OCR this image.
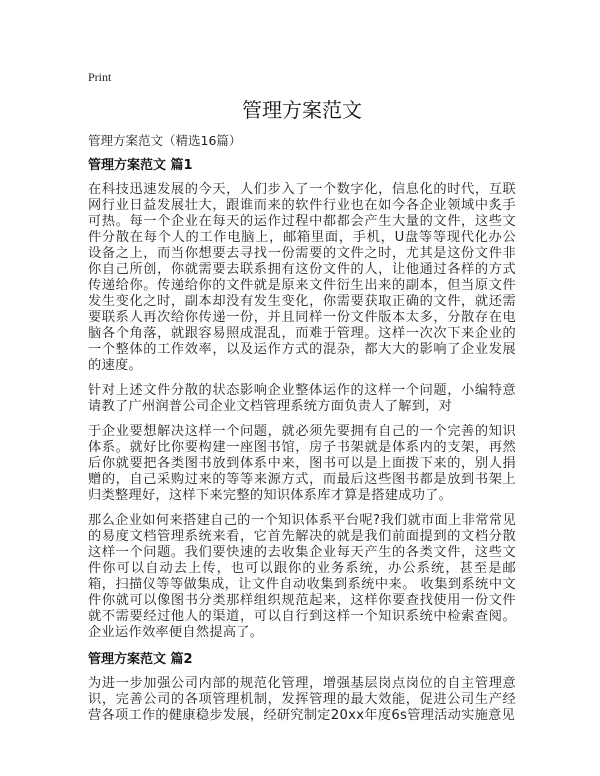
Print
管理方案范文
管理方案范文（精选16篇）
管理方案范文 篇1

在科技迅速发展的今天，人们步入了一个数字化，信息化的时代，互联网行业日益发展壮大，跟谁而来的软件行业也在如今各企业领域中炙手可热。每一个企业在每天的运作过程中都都会产生大量的文件，这些文件分散在每个人的工作电脑上，邮箱里面，手机，U盘等等现代化办公设备之上，而当你想要去寻找一份需要的文件之时，尤其是这份文件非你自己所创，你就需要去联系拥有这份文件的人，让他通过各样的方式传递给你。传递给你的文件就是原来文件衍生出来的副本，但当原文件发生变化之时，副本却没有发生变化，你需要获取正确的文件，就还需要联系人再次给你传递一份，并且同样一份文件版本太多，分散存在电脑各个角落，就跟容易照成混乱，而难于管理。这样一次次下来企业的一个整体的工作效率，以及运作方式的混杂，都大大的影响了企业发展的速度。

针对上述文件分散的状态影响企业整体运作的这样一个问题，小编特意请教了广州润普公司企业文档管理系统方面负责人了解到，对

于企业要想解决这样一个问题，就必须先要拥有自己的一个完善的知识体系。就好比你要构建一座图书馆，房子书架就是体系内的支架，再然后你就要把各类图书放到体系中来，图书可以是上面拨下来的，别人捐赠的，自己采购过来的等等来源方式，而最后这些图书都是放到书架上归类整理好，这样下来完整的知识体系库才算是搭建成功了。

那么企业如何来搭建自己的一个知识体系平台呢?我们就市面上非常常见的易度文档管理系统来看，它首先解决的就是我们前面提到的文档分散这样一个问题。我们要快速的去收集企业每天产生的各类文件，这些文件你可以自动去上传，也可以跟你的业务系统，办公系统，甚至是邮箱，扫描仪等等做集成，让文件自动收集到系统中来。 收集到系统中文件你就可以像图书分类那样组织规范起来，这样你要查找使用一份文件就不需要经过他人的渠道，可以自行到这样一个知识系统中检索查阅。企业运作效率便自然提高了。

管理方案范文 篇2

为进一步加强公司内部的规范化管理，增强基层岗点岗位的自主管理意识，完善公司的各项管理机制，发挥管理的最大效能，促进公司生产经营各项工作的健康稳步发展，经研究制定20xx年度6s管理活动实施意见
